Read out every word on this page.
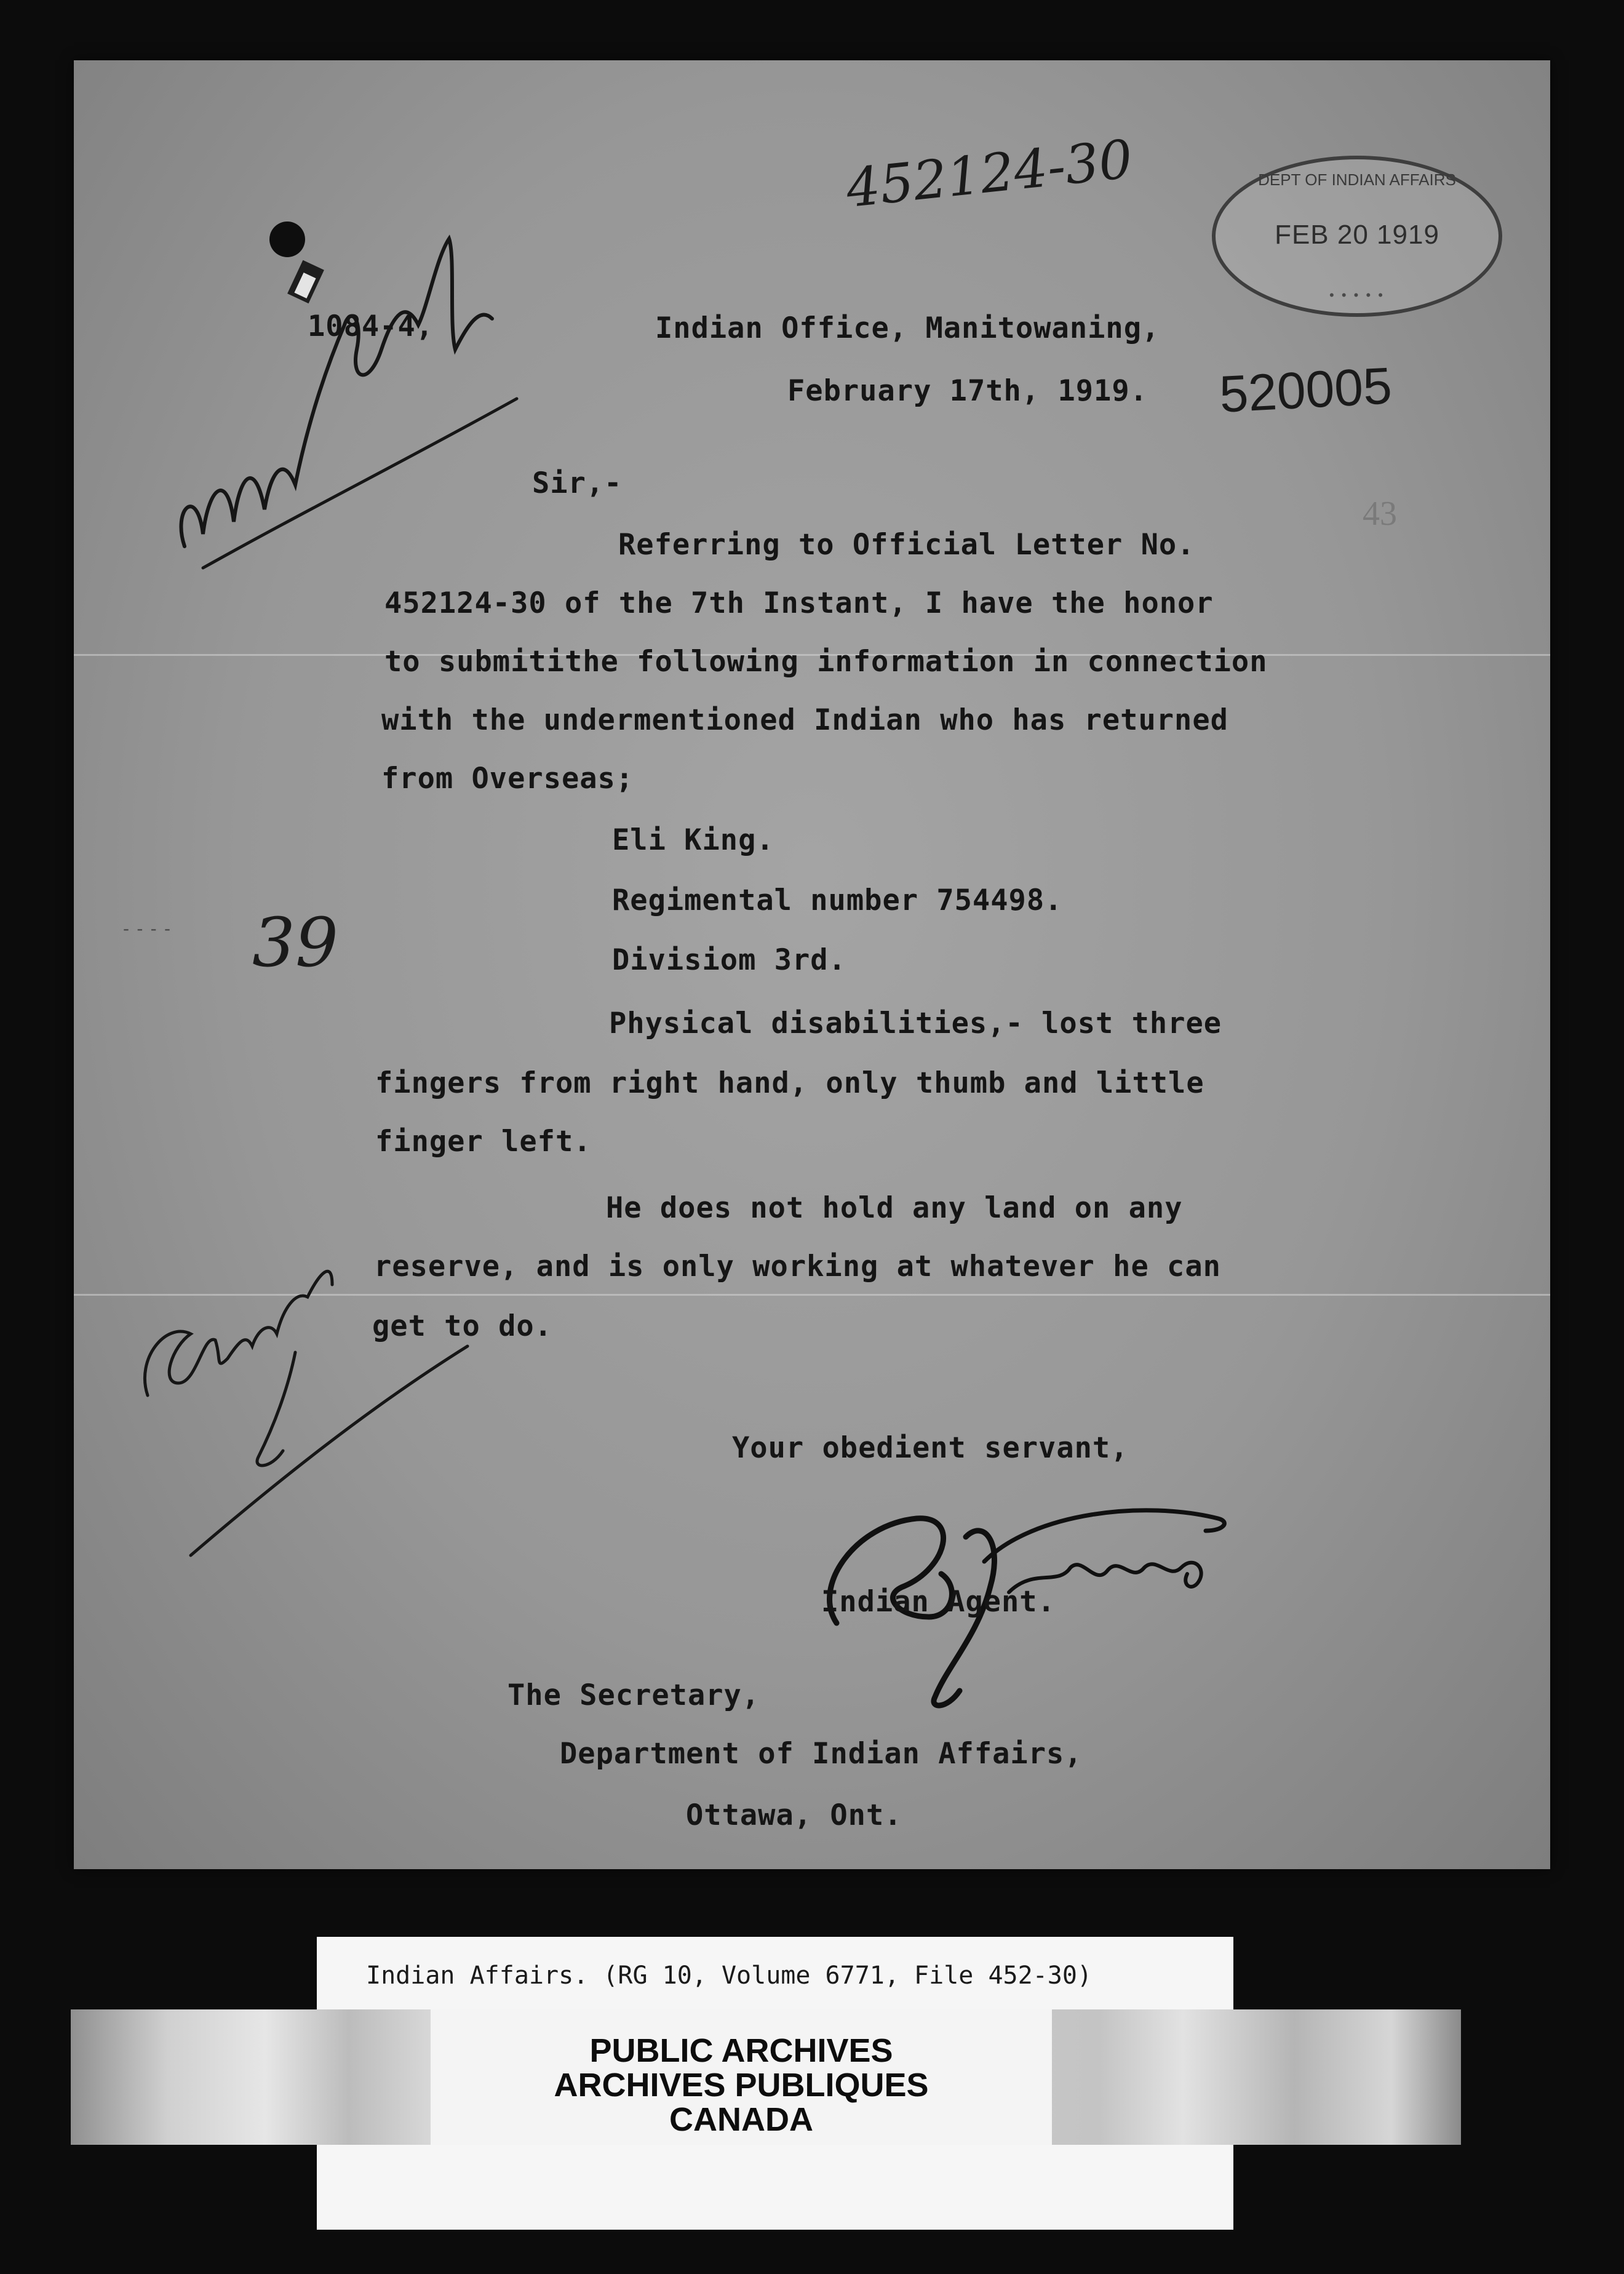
452124-30	DEPT OF INDIAN AFFAIRS
FEB 20 1919
• • • • •
520005
43
1084-4,	Indian Office, Manitowaning,
February 17th, 1919.
Sir,-
Referring to Official Letter No.
452124-30 of the 7th Instant, I have the honor
to submitithe following information in connection
with the undermentioned Indian who has returned
from Overseas;
Eli King.
Regimental number 754498.
Divisiom 3rd.
Physical disabilities,- lost three
fingers from right hand, only thumb and little
finger left.
He does not hold any land on any
reserve, and is only working at whatever he can
get to do.
Your obedient servant,
Indian Agent.
The Secretary,
Department of Indian Affairs,
Ottawa, Ont.
- - - - 39
Indian Affairs. (RG 10, Volume 6771, File 452-30)
PUBLIC ARCHIVES
ARCHIVES PUBLIQUES
CANADA
